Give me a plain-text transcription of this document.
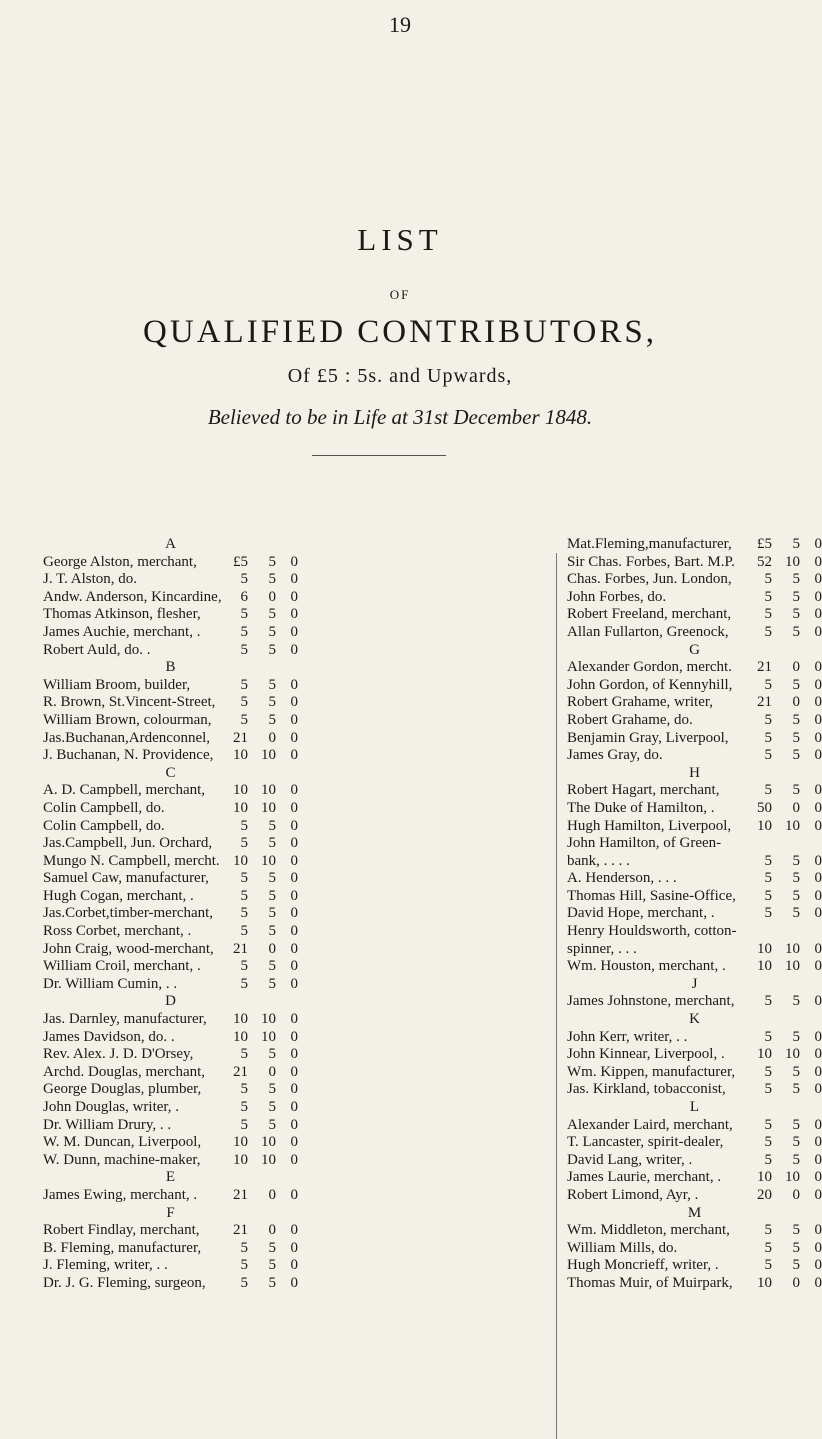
19
LIST
OF
QUALIFIED CONTRIBUTORS,
Of £5 : 5s. and Upwards,
Believed to be in Life at 31st December 1848.
A
George Alston, merchant,	£5	5 0
J. T. Alston, do.	5	5 0
Andw. Anderson, Kincardine,	6	0 0
Thomas Atkinson, flesher,	5	5 0
James Auchie, merchant, .	5	5 0
Robert Auld, do. .	5	5 0
B
William Broom, builder,	5	5 0
R. Brown, St.Vincent-Street,	5	5 0
William Brown, colourman,	5	5 0
Jas.Buchanan,Ardenconnel,	21	0 0
J. Buchanan, N. Providence,	10 10 0
C
A. D. Campbell, merchant,	10 10 0
Colin Campbell, do.	10 10 0
Colin Campbell, do.	5	5 0
Jas.Campbell, Jun. Orchard,	5	5 0
Mungo N. Campbell, mercht. 10 10 0
Samuel Caw, manufacturer,	5	5 0
Hugh Cogan, merchant, .	5	5 0
Jas.Corbet,timber-merchant,	5	5 0
Ross Corbet, merchant, .	5	5 0
John Craig, wood-merchant,	21	0 0
William Croil, merchant, .	5	5 0
Dr. William Cumin, . .	5	5 0
D
Jas. Darnley, manufacturer,	10 10 0
James Davidson, do. .	10 10 0
Rev. Alex. J. D. D'Orsey,	5	5 0
Archd. Douglas, merchant,	21	0 0
George Douglas, plumber,	5	5 0
John Douglas, writer, .	5	5 0
Dr. William Drury, . .	5	5 0
W. M. Duncan, Liverpool,	10 10 0
W. Dunn, machine-maker,	10 10 0
E
James Ewing, merchant, .	21	0 0
F
Robert Findlay, merchant,	21	0 0
B. Fleming, manufacturer,	5	5 0
J. Fleming, writer, . .	5	5 0
Dr. J. G. Fleming, surgeon,	5	5 0
Mat.Fleming,manufacturer,	£5	5 0
Sir Chas. Forbes, Bart. M.P.	52 10 0
Chas. Forbes, Jun. London,	5	5 0
John Forbes, do.	5	5 0
Robert Freeland, merchant,	5	5 0
Allan Fullarton, Greenock,	5	5 0
G
Alexander Gordon, mercht.	21	0 0
John Gordon, of Kennyhill,	5	5 0
Robert Grahame, writer,	21	0 0
Robert Grahame, do.	5	5 0
Benjamin Gray, Liverpool,	5	5 0
James Gray, do.	5	5 0
H
Robert Hagart, merchant,	5	5 0
The Duke of Hamilton, .	50	0 0
Hugh Hamilton, Liverpool,	10 10 0
John Hamilton, of Green-
bank, . . . .	5	5 0
A. Henderson, . . .	5	5 0
Thomas Hill, Sasine-Office,	5	5 0
David Hope, merchant, .	5	5 0
Henry Houldsworth, cotton-
spinner, . . .	10 10 0
Wm. Houston, merchant, .	10 10 0
J
James Johnstone, merchant,	5	5 0
K
John Kerr, writer, . .	5	5 0
John Kinnear, Liverpool, .	10 10 0
Wm. Kippen, manufacturer,	5	5 0
Jas. Kirkland, tobacconist,	5	5 0
L
Alexander Laird, merchant,	5	5 0
T. Lancaster, spirit-dealer,	5	5 0
David Lang, writer, .	5	5 0
James Laurie, merchant, .	10 10 0
Robert Limond, Ayr, .	20	0 0
M
Wm. Middleton, merchant,	5	5 0
William Mills, do.	5	5 0
Hugh Moncrieff, writer, .	5	5 0
Thomas Muir, of Muirpark,	10	0 0
